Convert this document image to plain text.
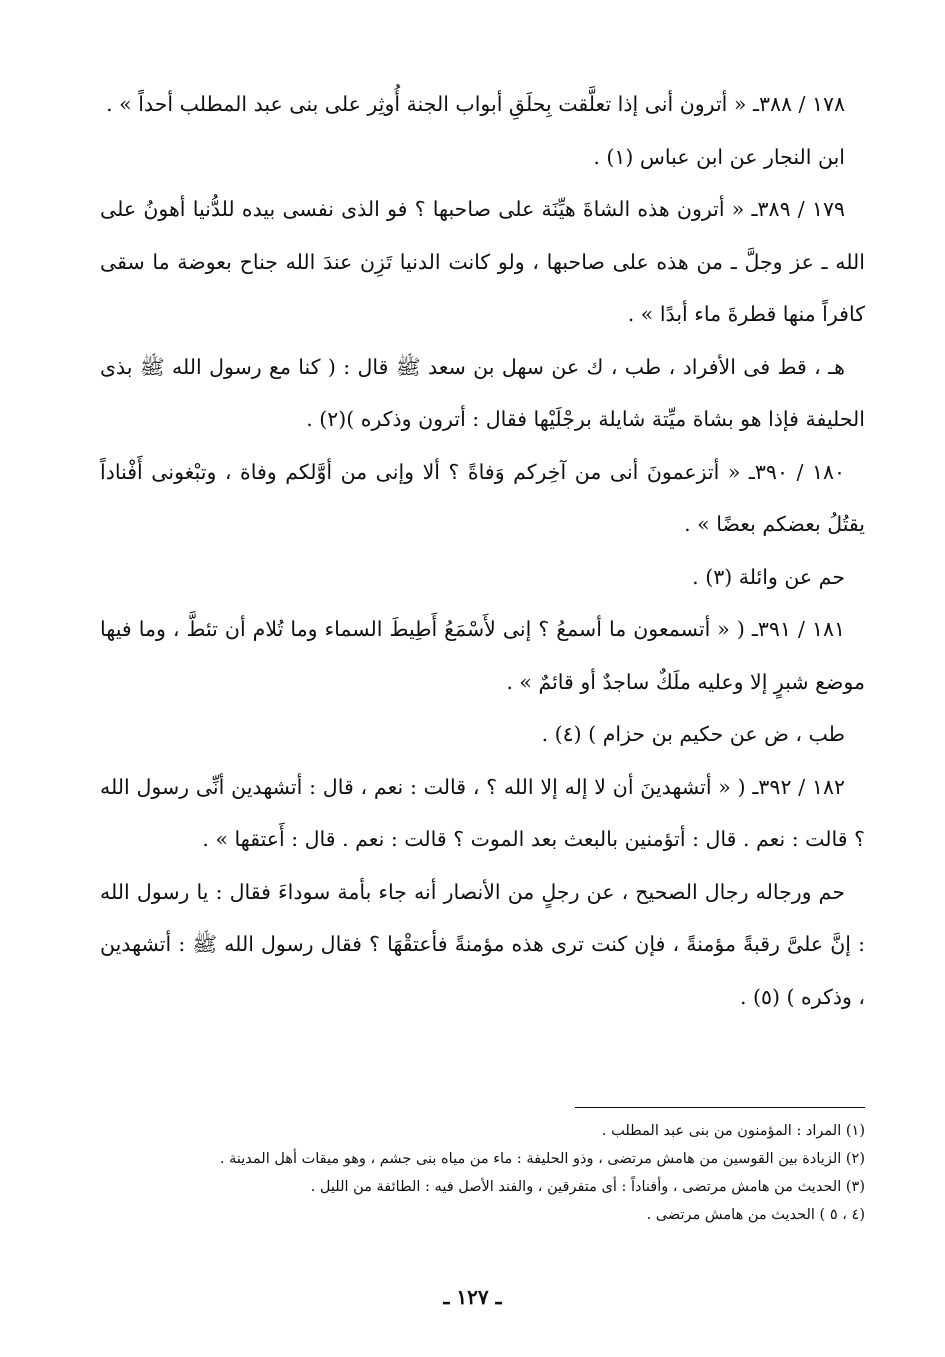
١٧٨ / ٣٨٨ـ « أترون أنى إذا تعلَّقت بِحلَقِ أبواب الجنة أُوثِر على بنى عبد المطلب أحداً » .

ابن النجار عن ابن عباس (١) .

١٧٩ / ٣٨٩ـ « أترون هذه الشاةَ هيِّنَة على صاحبها ؟ فو الذى نفسى بيده للدُّنيا أهونُ على الله ـ عز وجلَّ ـ من هذه على صاحبها ، ولو كانت الدنيا تَزِن عندَ الله جناح بعوضة ما سقى كافراً منها قطرةَ ماء أبدًا » .

هـ ، قط فى الأفراد ، طب ، ك عن سهل بن سعد ﷺ قال : ( كنا مع رسول الله ﷺ بذى الحليفة فإذا هو بشاة ميِّتة شايلة برجْلَيْها فقال : أترون وذكره )(٢) .

١٨٠ / ٣٩٠ـ « أتزعمونَ أنى من آخِركم وَفاةً ؟ ألا وإنى من أوَّلكم وفاة ، وتبْغونى أَفْناداً يقتُلُ بعضكم بعضًا » .

حم عن وائلة (٣) .

١٨١ / ٣٩١ـ ( « أتسمعون ما أسمعُ ؟ إنى لأَسْمَعُ أَطِيطَ السماء وما تُلام أن تئطَّ ، وما فيها موضع شبرٍ إلا وعليه ملَكٌ ساجدٌ أو قائمٌ » .

طب ، ض عن حكيم بن حزام ) (٤) .

١٨٢ / ٣٩٢ـ ( « أتشهدينَ أن لا إله إلا الله ؟ ، قالت : نعم ، قال : أتشهدين أنِّى رسول الله ؟ قالت : نعم . قال : أتؤمنين بالبعث بعد الموت ؟ قالت : نعم . قال : أَعتقها » .

حم ورجاله رجال الصحيح ، عن رجلٍ من الأنصار أنه جاء بأمة سوداءَ فقال : يا رسول الله : إنَّ علىَّ رقبةً مؤمنةً ، فإن كنت ترى هذه مؤمنةً فأعتقْهَا ؟ فقال رسول الله ﷺ : أتشهدين ، وذكره ) (٥) .

(١) المراد : المؤمنون من بنى عبد المطلب .

(٢) الزيادة بين القوسين من هامش مرتضى ، وذو الحليفة : ماء من مياه بنى جشم ، وهو ميقات أهل المدينة .

(٣) الحديث من هامش مرتضى ، وأفناداً : أى متفرقين ، والفند الأصل فيه : الطائفة من الليل .

(٤ ، ٥ ) الحديث من هامش مرتضى .

ـ ١٢٧ ـ
